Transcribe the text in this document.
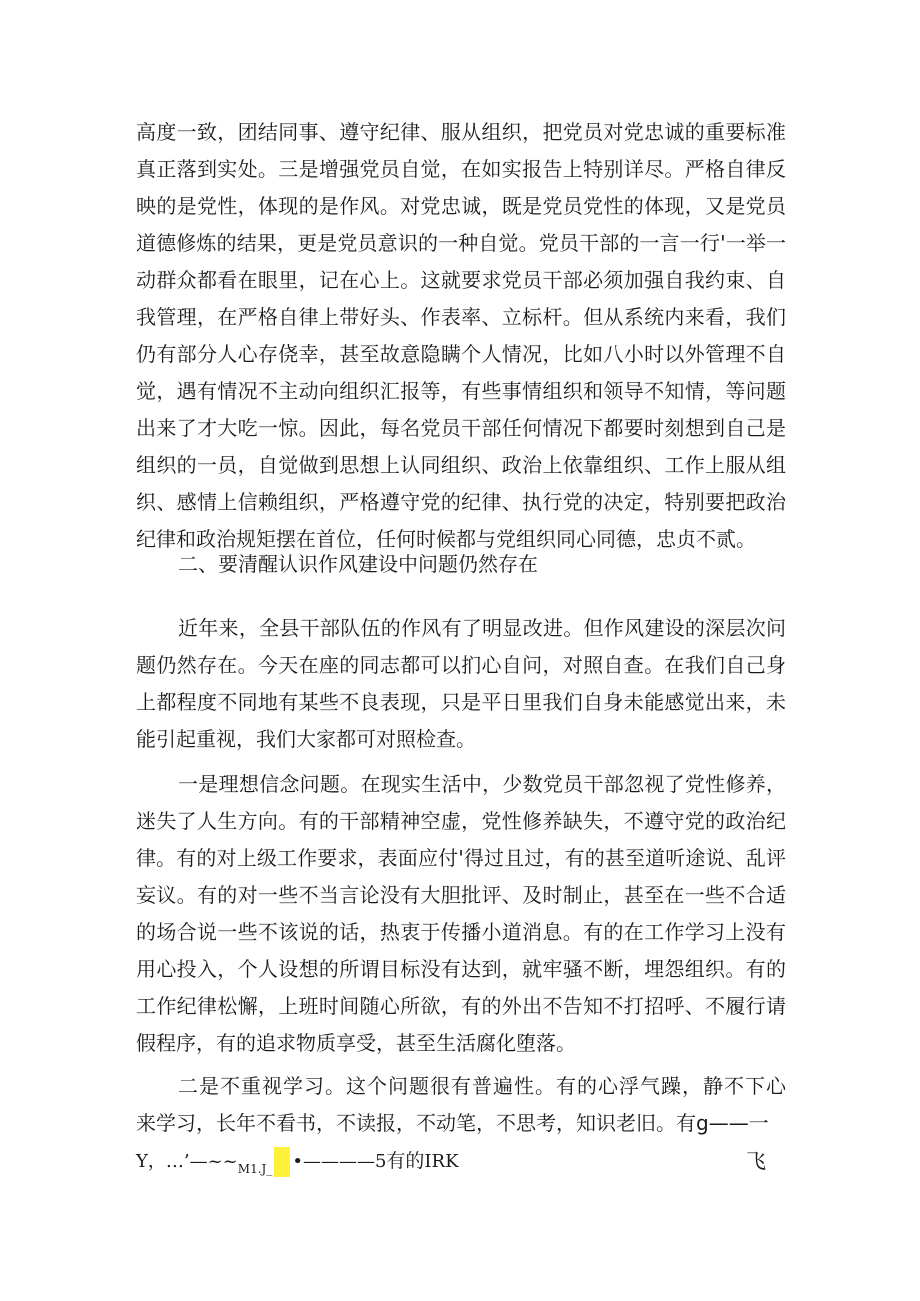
高度一致，团结同事、遵守纪律、服从组织，把党员对党忠诚的重要标准
真正落到实处。三是增强党员自觉，在如实报告上特别详尽。严格自律反
映的是党性，体现的是作风。对党忠诚，既是党员党性的体现，又是党员
道德修炼的结果，更是党员意识的一种自觉。党员干部的一言一行'一举一
动群众都看在眼里，记在心上。这就要求党员干部必须加强自我约束、自
我管理，在严格自律上带好头、作表率、立标杆。但从系统内来看，我们
仍有部分人心存侥幸，甚至故意隐瞒个人情况，比如八小时以外管理不自
觉，遇有情况不主动向组织汇报等，有些事情组织和领导不知情，等问题
出来了才大吃一惊。因此，每名党员干部任何情况下都要时刻想到自己是
组织的一员，自觉做到思想上认同组织、政治上依靠组织、工作上服从组
织、感情上信赖组织，严格遵守党的纪律、执行党的决定，特别要把政治
纪律和政治规矩摆在首位，任何时候都与党组织同心同德，忠贞不贰。
二、要清醒认识作风建设中问题仍然存在
近年来，全县干部队伍的作风有了明显改进。但作风建设的深层次问
题仍然存在。今天在座的同志都可以扪心自问，对照自查。在我们自己身
上都程度不同地有某些不良表现，只是平日里我们自身未能感觉出来，未
能引起重视，我们大家都可对照检查。
一是理想信念问题。在现实生活中，少数党员干部忽视了党性修养，
迷失了人生方向。有的干部精神空虚，党性修养缺失，不遵守党的政治纪
律。有的对上级工作要求，表面应付'得过且过，有的甚至道听途说、乱评
妄议。有的对一些不当言论没有大胆批评、及时制止，甚至在一些不合适
的场合说一些不该说的话，热衷于传播小道消息。有的在工作学习上没有
用心投入，个人设想的所谓目标没有达到，就牢骚不断，埋怨组织。有的
工作纪律松懈，上班时间随心所欲，有的外出不告知不打招呼、不履行请
假程序，有的追求物质享受，甚至生活腐化堕落。
二是不重视学习。这个问题很有普遍性。有的心浮气躁，静不下心
来学习，长年不看书，不读报，不动笔，不思考，知识老旧。有g——一
Y，$\dots’—\sim\sim_{M1.J\_}$ •————5有的IRK	飞
